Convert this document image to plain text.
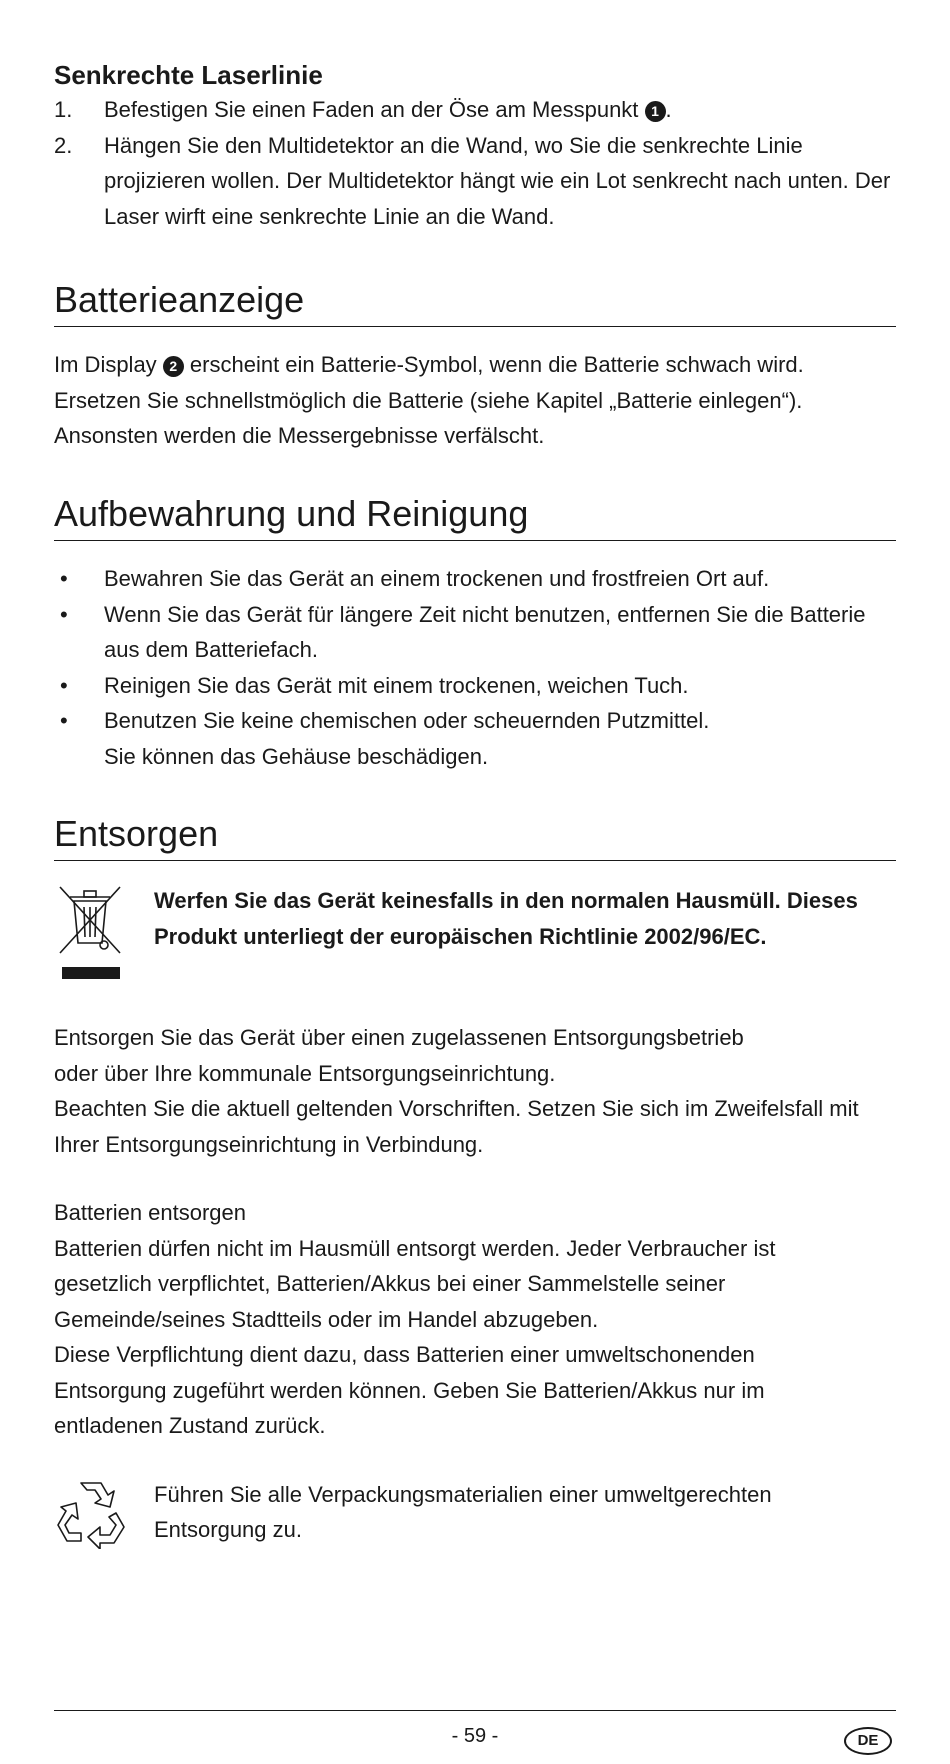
Senkrechte Laserlinie
1. Befestigen Sie einen Faden an der Öse am Messpunkt 1 .
2. Hängen Sie den Multidetektor an die Wand, wo Sie die senkrechte Linie projizieren wollen. Der Multidetektor hängt wie ein Lot senkrecht nach unten. Der Laser wirft eine senkrechte Linie an die Wand.
Batterieanzeige

Im Display 2 erscheint ein Batterie-Symbol, wenn die Batterie schwach wird. Ersetzen Sie schnellstmöglich die Batterie (siehe Kapitel „Batterie einlegen“). Ansonsten werden die Messergebnisse verfälscht.

Aufbewahrung und Reinigung
• Bewahren Sie das Gerät an einem trockenen und frostfreien Ort auf.
• Wenn Sie das Gerät für längere Zeit nicht benutzen, entfernen Sie die Batterie aus dem Batteriefach.
• Reinigen Sie das Gerät mit einem trockenen, weichen Tuch.
• Benutzen Sie keine chemischen oder scheuernden Putzmittel. Sie können das Gehäuse beschädigen.
Entsorgen

Werfen Sie das Gerät keinesfalls in den normalen Hausmüll. Dieses Produkt unterliegt der europäischen Richtlinie 2002/96/EC.

Entsorgen Sie das Gerät über einen zugelassenen Entsorgungsbetrieb oder über Ihre kommunale Entsorgungseinrichtung.

Beachten Sie die aktuell geltenden Vorschriften. Setzen Sie sich im Zweifelsfall mit Ihrer Entsorgungseinrichtung in Verbindung.

Batterien entsorgen

Batterien dürfen nicht im Hausmüll entsorgt werden. Jeder Verbraucher ist gesetzlich verpflichtet, Batterien/Akkus bei einer Sammelstelle seiner Gemeinde/seines Stadtteils oder im Handel abzugeben.

Diese Verpflichtung dient dazu, dass Batterien einer umweltschonenden Entsorgung zugeführt werden können. Geben Sie Batterien/Akkus nur im entladenen Zustand zurück.

Führen Sie alle Verpackungsmaterialien einer umweltgerechten Entsorgung zu.

- 59 -	DE
